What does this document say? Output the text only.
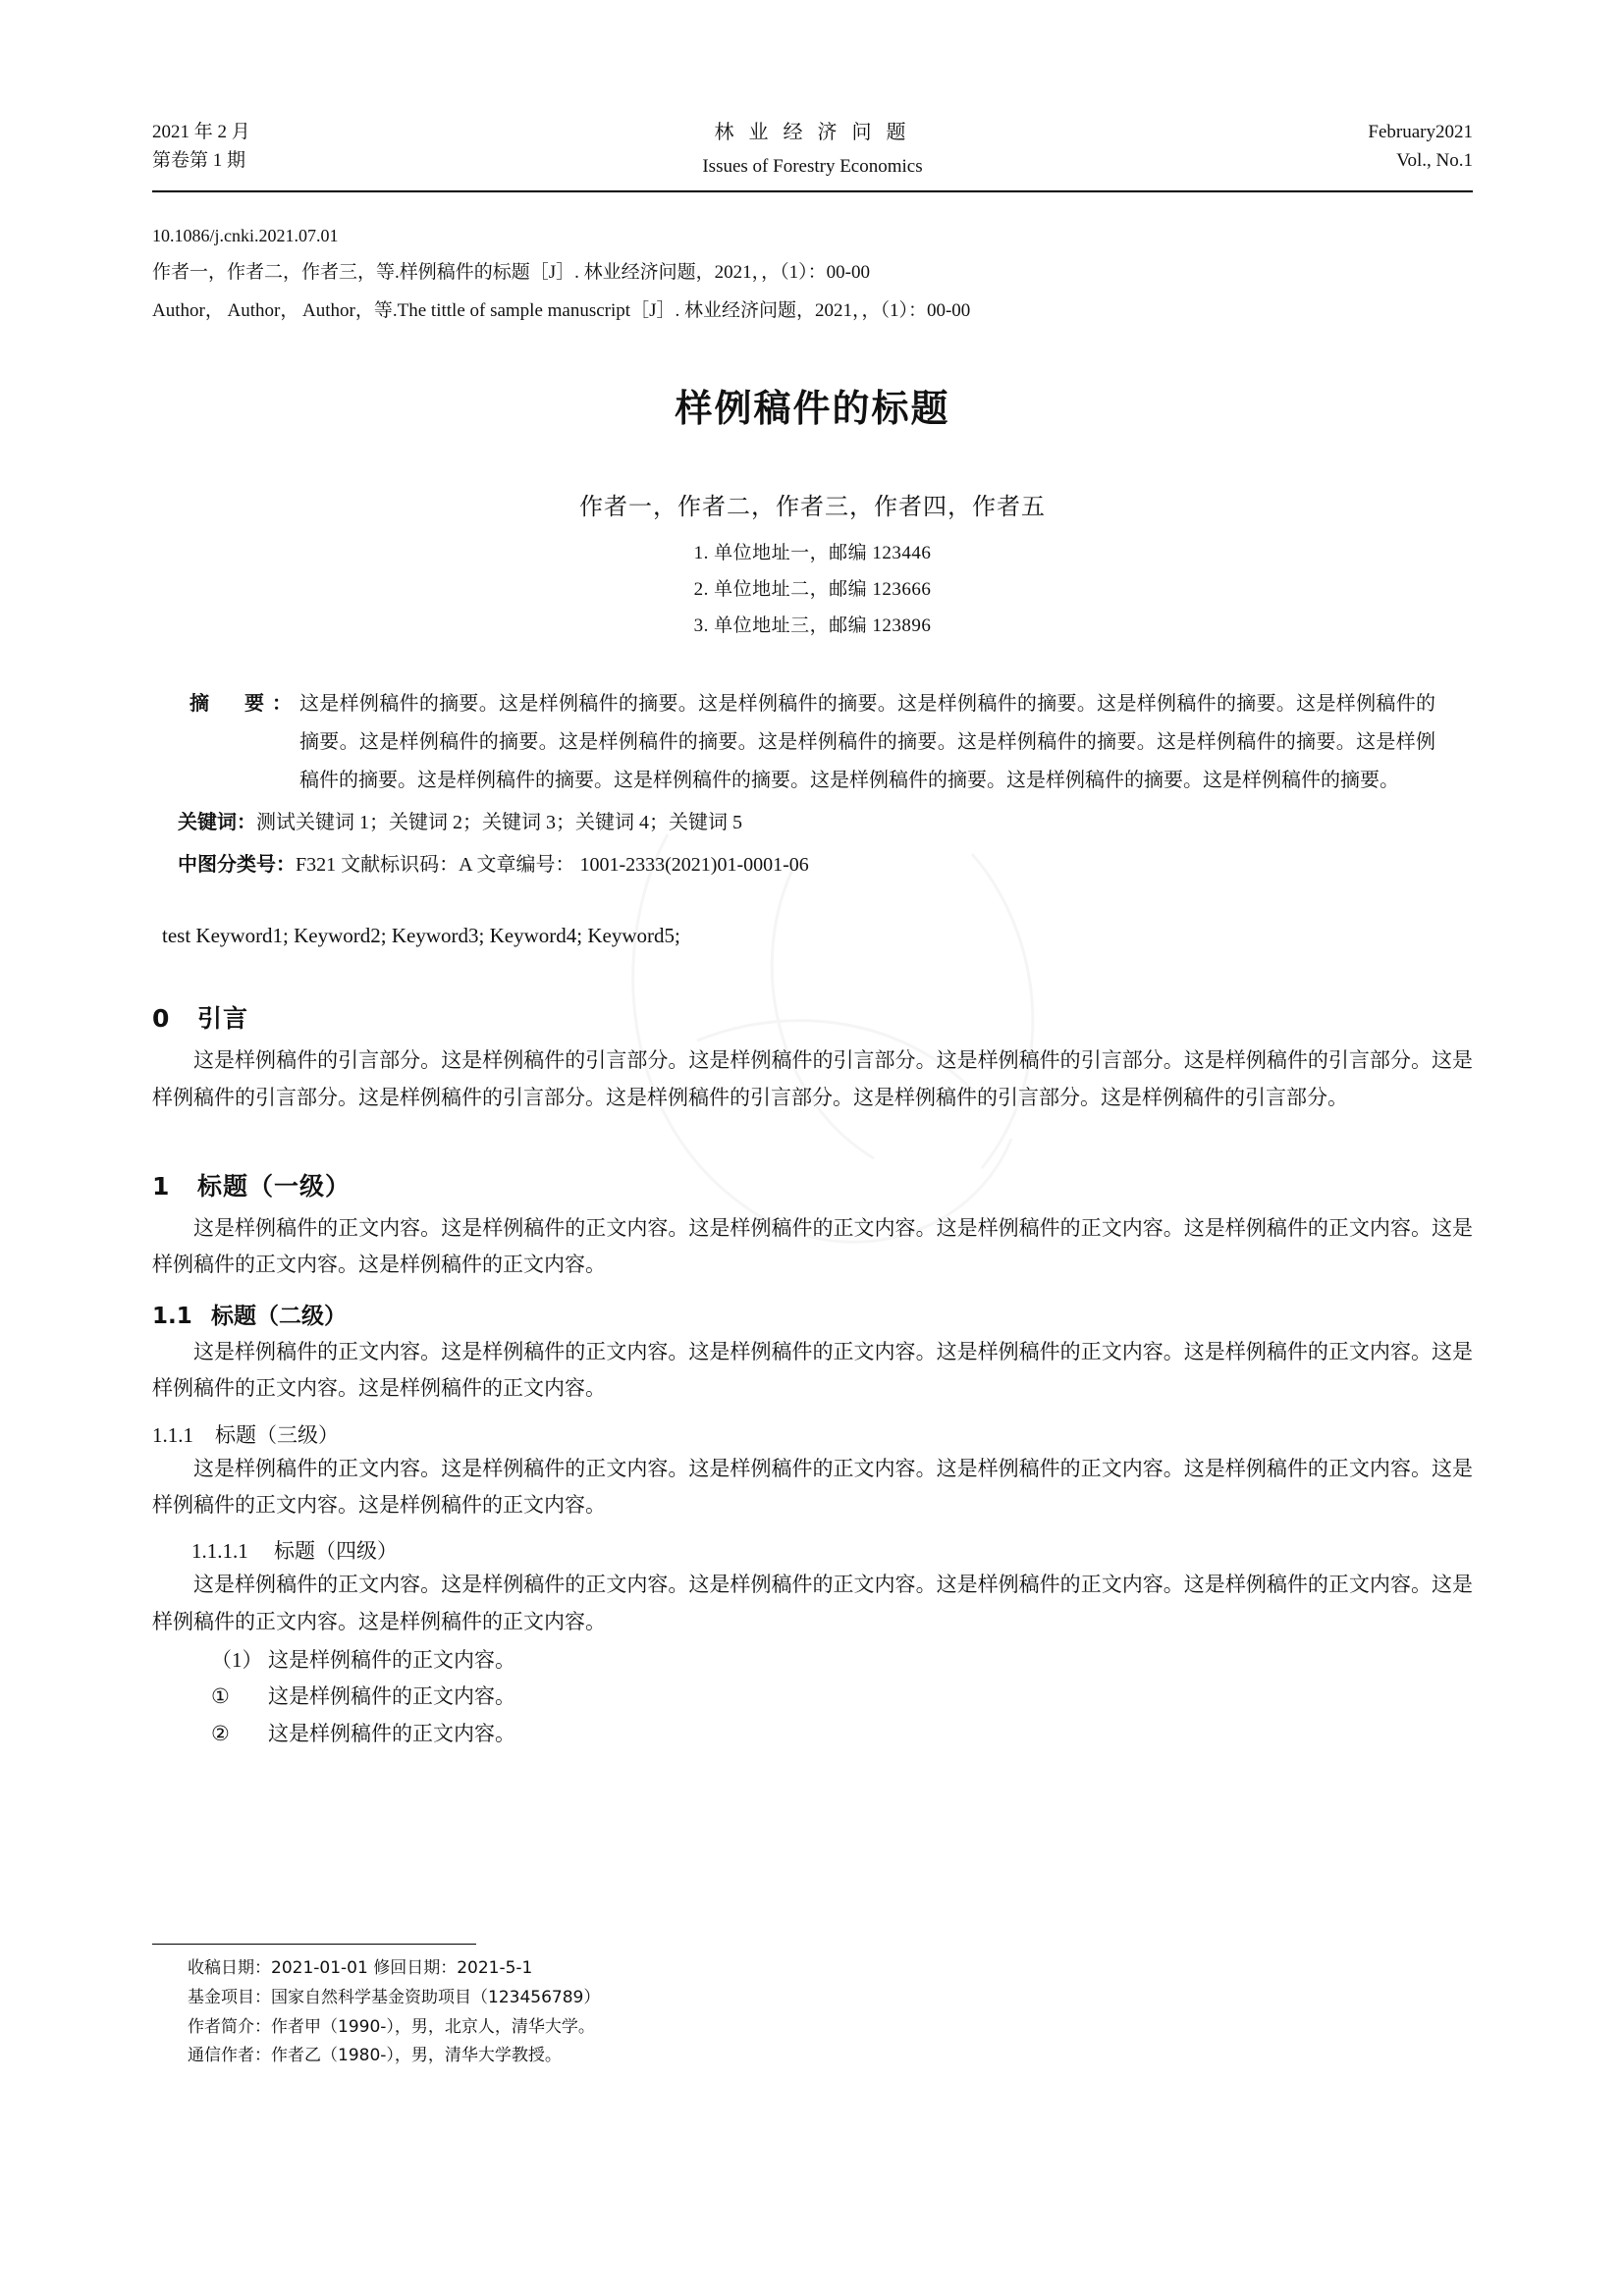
2021 年 2 月
第卷第 1 期
林 业 经 济 问 题
Issues of Forestry Economics
February2021
Vol., No.1
10.1086/j.cnki.2021.07.01
作者一，作者二，作者三，等.样例稿件的标题［J］. 林业经济问题，2021，，（1）：00-00
Author， Author， Author，等.The tittle of sample manuscript［J］. 林业经济问题，2021，，（1）：00-00
样例稿件的标题
作者一，作者二，作者三，作者四，作者五
1. 单位地址一，邮编 123446
2. 单位地址二，邮编 123666
3. 单位地址三，邮编 123896
摘　要： 这是样例稿件的摘要。这是样例稿件的摘要。这是样例稿件的摘要。这是样例稿件的摘要。这是样例稿件的摘要。这是样例稿件的摘要。这是样例稿件的摘要。这是样例稿件的摘要。这是样例稿件的摘要。这是样例稿件的摘要。这是样例稿件的摘要。这是样例稿件的摘要。这是样例稿件的摘要。这是样例稿件的摘要。这是样例稿件的摘要。这是样例稿件的摘要。这是样例稿件的摘要。
关键词：测试关键词 1；关键词 2；关键词 3；关键词 4；关键词 5
中图分类号：F321 文献标识码：A 文章编号： 1001-2333(2021)01-0001-06
test Keyword1; Keyword2; Keyword3; Keyword4; Keyword5;
0 引言

这是样例稿件的引言部分。这是样例稿件的引言部分。这是样例稿件的引言部分。这是样例稿件的引言部分。这是样例稿件的引言部分。这是样例稿件的引言部分。这是样例稿件的引言部分。这是样例稿件的引言部分。这是样例稿件的引言部分。这是样例稿件的引言部分。

1 标题（一级）

这是样例稿件的正文内容。这是样例稿件的正文内容。这是样例稿件的正文内容。这是样例稿件的正文内容。这是样例稿件的正文内容。这是样例稿件的正文内容。这是样例稿件的正文内容。

1.1 标题（二级）

这是样例稿件的正文内容。这是样例稿件的正文内容。这是样例稿件的正文内容。这是样例稿件的正文内容。这是样例稿件的正文内容。这是样例稿件的正文内容。这是样例稿件的正文内容。

1.1.1 标题（三级）

这是样例稿件的正文内容。这是样例稿件的正文内容。这是样例稿件的正文内容。这是样例稿件的正文内容。这是样例稿件的正文内容。这是样例稿件的正文内容。这是样例稿件的正文内容。

1.1.1.1 标题（四级）

这是样例稿件的正文内容。这是样例稿件的正文内容。这是样例稿件的正文内容。这是样例稿件的正文内容。这是样例稿件的正文内容。这是样例稿件的正文内容。这是样例稿件的正文内容。

（1） 这是样例稿件的正文内容。
①	这是样例稿件的正文内容。
②	这是样例稿件的正文内容。
收稿日期：2021-01-01 修回日期：2021-5-1
基金项目：国家自然科学基金资助项目（123456789）
作者简介：作者甲（1990-），男，北京人，清华大学。
通信作者：作者乙（1980-），男，清华大学教授。
